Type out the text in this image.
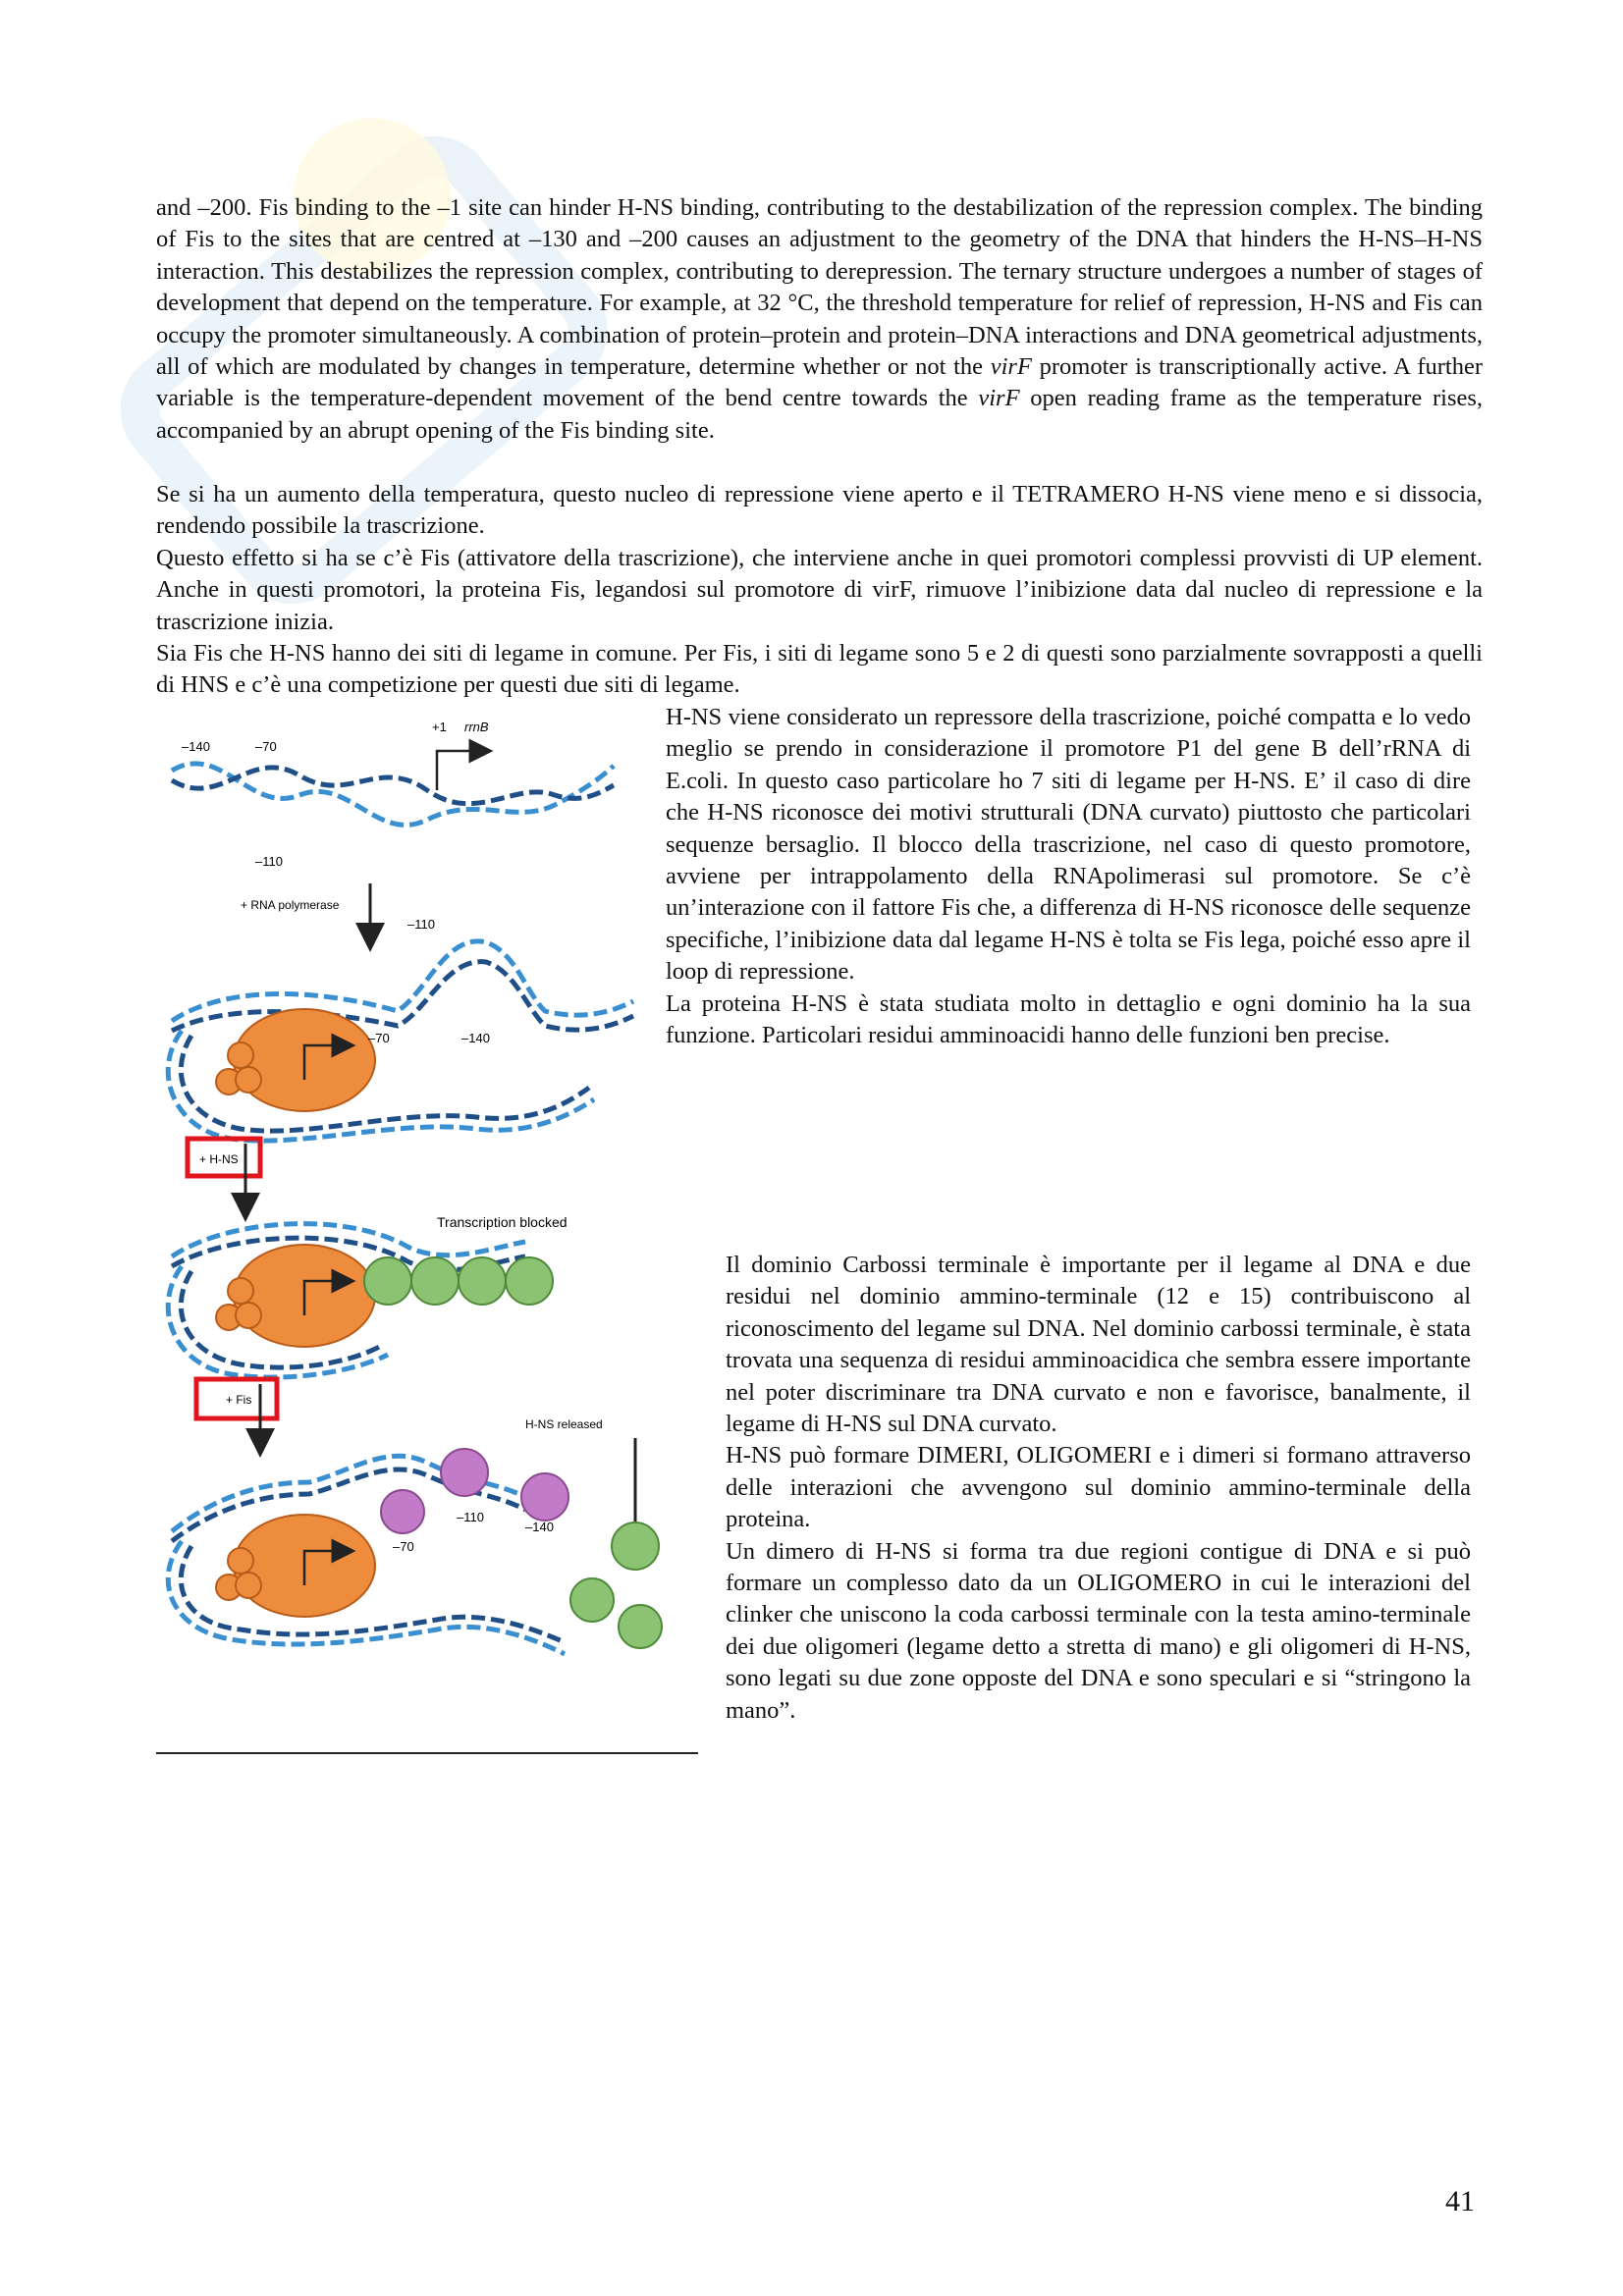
and –200. Fis binding to the –1 site can hinder H-NS binding, contributing to the destabilization of the repression complex. The binding of Fis to the sites that are centred at –130 and –200 causes an adjustment to the geometry of the DNA that hinders the H-NS–H-NS interaction. This destabilizes the repression complex, contributing to derepression. The ternary structure undergoes a number of stages of development that depend on the temperature. For example, at 32 °C, the threshold temperature for relief of repression, H-NS and Fis can occupy the promoter simultaneously. A combination of protein–protein and protein–DNA interactions and DNA geometrical adjustments, all of which are modulated by changes in temperature, determine whether or not the virF promoter is transcriptionally active. A further variable is the temperature-dependent movement of the bend centre towards the virF open reading frame as the temperature rises, accompanied by an abrupt opening of the Fis binding site.

Se si ha un aumento della temperatura, questo nucleo di repressione viene aperto e il TETRAMERO H-NS viene meno e si dissocia, rendendo possibile la trascrizione.

Questo effetto si ha se c’è Fis (attivatore della trascrizione), che interviene anche in quei promotori complessi provvisti di UP element. Anche in questi promotori, la proteina Fis, legandosi sul promotore di virF, rimuove l’inibizione data dal nucleo di repressione e la trascrizione inizia.

Sia Fis che H-NS hanno dei siti di legame in comune. Per Fis, i siti di legame sono 5 e 2 di questi sono parzialmente sovrapposti a quelli di HNS e c’è una competizione per questi due siti di legame.

H-NS viene considerato un repressore della trascrizione, poiché compatta e lo vedo meglio se prendo in considerazione il promotore P1 del gene B dell’rRNA di E.coli. In questo caso particolare ho 7 siti di legame per H-NS. E’ il caso di dire che H-NS riconosce dei motivi strutturali (DNA curvato) piuttosto che particolari sequenze bersaglio. Il blocco della trascrizione, nel caso di questo promotore, avviene per intrappolamento della RNApolimerasi sul promotore. Se c’è un’interazione con il fattore Fis che, a differenza di H-NS riconosce delle sequenze specifiche, l’inibizione data dal legame H-NS è tolta se Fis lega, poiché esso apre il loop di repressione.
La proteina H-NS è stata studiata molto in dettaglio e ogni dominio ha la sua funzione. Particolari residui amminoacidi hanno delle funzioni ben precise.
Il dominio Carbossi terminale è importante per il legame al DNA e due residui nel dominio ammino-terminale (12 e 15) contribuiscono al riconoscimento del legame sul DNA. Nel dominio carbossi terminale, è stata trovata una sequenza di residui amminoacidica che sembra essere importante nel poter discriminare tra DNA curvato e non e favorisce, banalmente, il legame di H-NS sul DNA curvato.
H-NS può formare DIMERI, OLIGOMERI e i dimeri si formano attraverso delle interazioni che avvengono sul dominio ammino-terminale della proteina.
Un dimero di H-NS si forma tra due regioni contigue di DNA e si può formare un complesso dato da un OLIGOMERO in cui le interazioni del clinker che uniscono la coda carbossi terminale con la testa amino-terminale dei due oligomeri (legame detto a stretta di mano) e gli oligomeri di H-NS, sono legati su due zone opposte del DNA e sono speculari e si “stringono la mano”.
+1 rrnB
–140	–70
–110
+ RNA polymerase
–110
–70	–140
+ H-NS
Transcription blocked
+ Fis
H-NS released
–110
–140
–70
41
